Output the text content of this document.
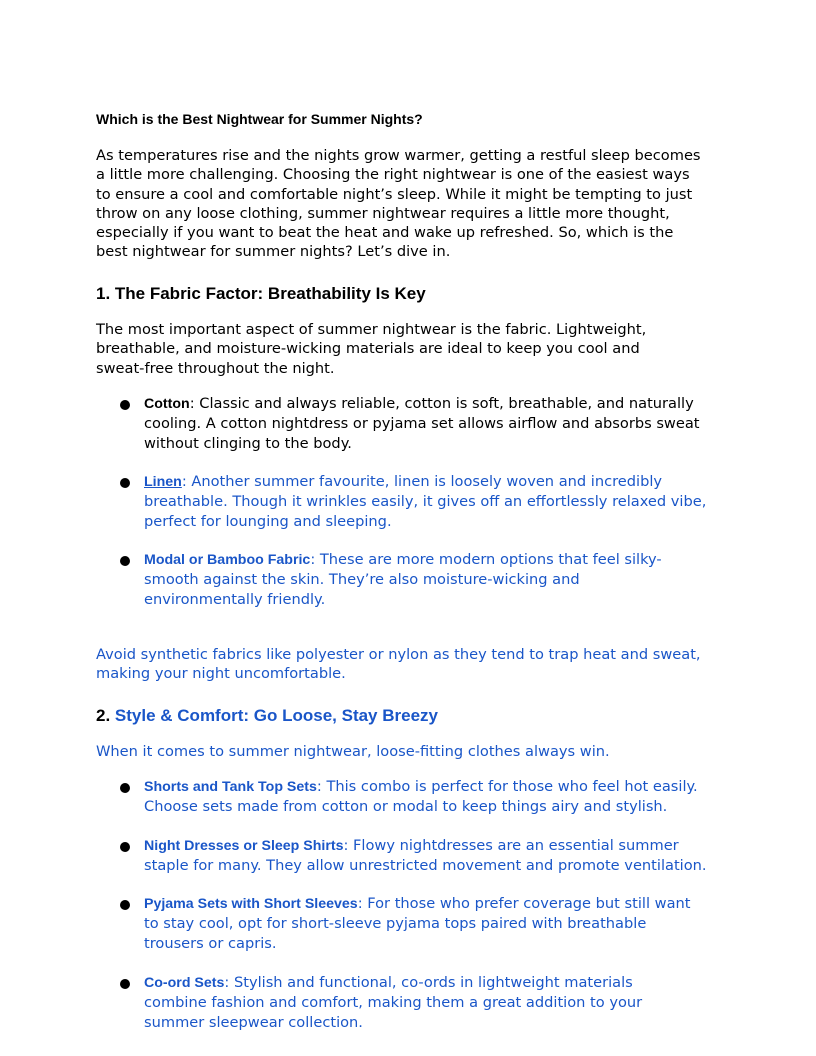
Which is the Best Nightwear for Summer Nights?
As temperatures rise and the nights grow warmer, getting a restful sleep becomes
a little more challenging. Choosing the right nightwear is one of the easiest ways
to ensure a cool and comfortable night’s sleep. While it might be tempting to just
throw on any loose clothing, summer nightwear requires a little more thought,
especially if you want to beat the heat and wake up refreshed. So, which is the
best nightwear for summer nights? Let’s dive in.
1. The Fabric Factor: Breathability Is Key
The most important aspect of summer nightwear is the fabric. Lightweight,
breathable, and moisture-wicking materials are ideal to keep you cool and
sweat-free throughout the night.
Cotton: Classic and always reliable, cotton is soft, breathable, and naturally
cooling. A cotton nightdress or pyjama set allows airflow and absorbs sweat
without clinging to the body.
Linen: Another summer favourite, linen is loosely woven and incredibly
breathable. Though it wrinkles easily, it gives off an effortlessly relaxed vibe,
perfect for lounging and sleeping.
Modal or Bamboo Fabric: These are more modern options that feel silky-
smooth against the skin. They’re also moisture-wicking and
environmentally friendly.
Avoid synthetic fabrics like polyester or nylon as they tend to trap heat and sweat,
making your night uncomfortable.
2. Style & Comfort: Go Loose, Stay Breezy
When it comes to summer nightwear, loose-fitting clothes always win.
Shorts and Tank Top Sets: This combo is perfect for those who feel hot easily.
Choose sets made from cotton or modal to keep things airy and stylish.
Night Dresses or Sleep Shirts: Flowy nightdresses are an essential summer
staple for many. They allow unrestricted movement and promote ventilation.
Pyjama Sets with Short Sleeves: For those who prefer coverage but still want
to stay cool, opt for short-sleeve pyjama tops paired with breathable
trousers or capris.
Co-ord Sets: Stylish and functional, co-ords in lightweight materials
combine fashion and comfort, making them a great addition to your
summer sleepwear collection.
